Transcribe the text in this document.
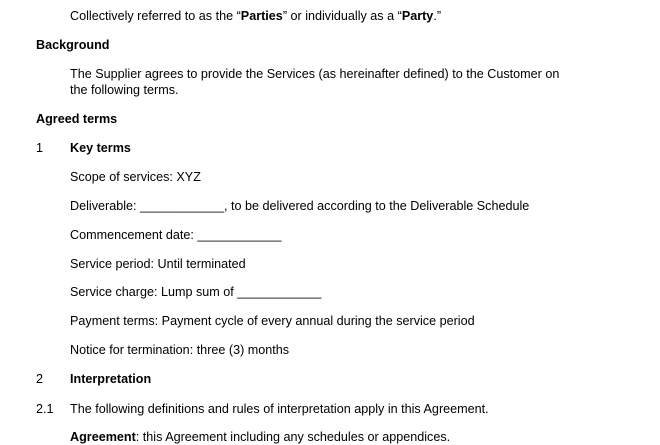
Collectively referred to as the “Parties” or individually as a “Party.”
Background
The Supplier agrees to provide the Services (as hereinafter defined) to the Customer on
the following terms.
Agreed terms
1 Key terms
Scope of services: XYZ
Deliverable: ____________, to be delivered according to the Deliverable Schedule
Commencement date: ____________
Service period: Until terminated
Service charge: Lump sum of ____________
Payment terms: Payment cycle of every annual during the service period
Notice for termination: three (3) months
2 Interpretation
2.1 The following definitions and rules of interpretation apply in this Agreement.
Agreement: this Agreement including any schedules or appendices.
